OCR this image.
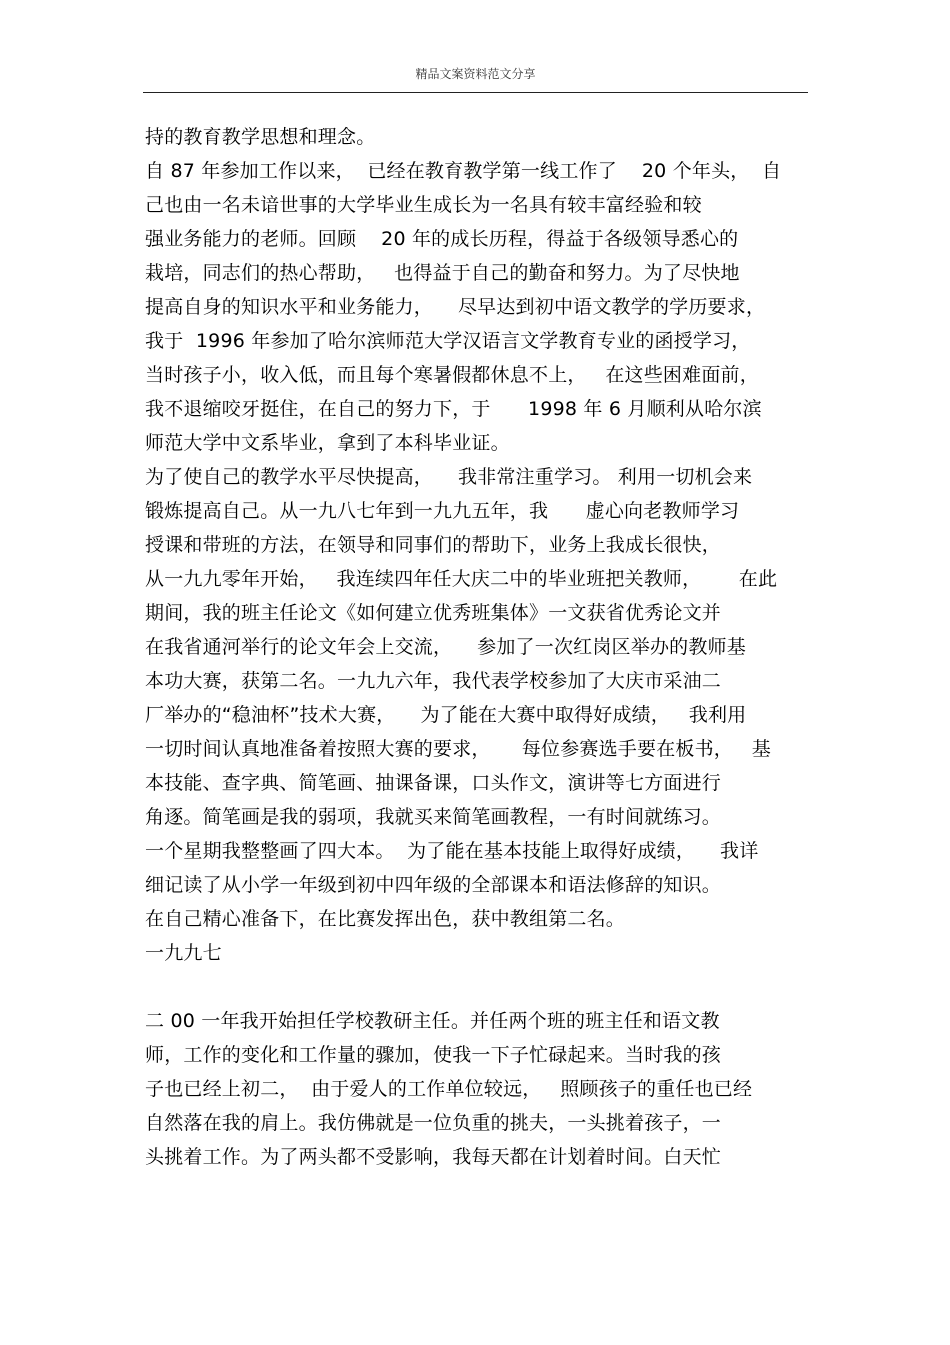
精品文案资料范文分享
持的教育教学思想和理念。
自 87 年参加工作以来，  已经在教育教学第一线工作了    20 个年头，  自
己也由一名未谙世事的大学毕业生成长为一名具有较丰富经验和较
强业务能力的老师。回顾    20 年的成长历程，得益于各级领导悉心的
栽培，同志们的热心帮助，   也得益于自己的勤奋和努力。为了尽快地
提高自身的知识水平和业务能力，    尽早达到初中语文教学的学历要求，
我于  1996 年参加了哈尔滨师范大学汉语言文学教育专业的函授学习，
当时孩子小，收入低，而且每个寒暑假都休息不上，   在这些困难面前，
我不退缩咬牙挺住，在自己的努力下，于      1998 年 6 月顺利从哈尔滨
师范大学中文系毕业，拿到了本科毕业证。
为了使自己的教学水平尽快提高，    我非常注重学习。 利用一切机会来
锻炼提高自己。从一九八七年到一九九五年，我      虚心向老教师学习
授课和带班的方法，在领导和同事们的帮助下，业务上我成长很快，
从一九九零年开始，   我连续四年任大庆二中的毕业班把关教师，      在此
期间，我的班主任论文《如何建立优秀班集体》一文获省优秀论文并
在我省通河举行的论文年会上交流，    参加了一次红岗区举办的教师基
本功大赛，获第二名。一九九六年，我代表学校参加了大庆市采油二
厂举办的“稳油杯”技术大赛，    为了能在大赛中取得好成绩，   我利用
一切时间认真地准备着按照大赛的要求，     每位参赛选手要在板书，   基
本技能、查字典、简笔画、抽课备课，口头作文，演讲等七方面进行
角逐。简笔画是我的弱项，我就买来简笔画教程，一有时间就练习。
一个星期我整整画了四大本。  为了能在基本技能上取得好成绩，    我详
细记读了从小学一年级到初中四年级的全部课本和语法修辞的知识。
在自己精心准备下，在比赛发挥出色，获中教组第二名。
一九九七
二 00 一年我开始担任学校教研主任。并任两个班的班主任和语文教
师，工作的变化和工作量的骤加，使我一下子忙碌起来。当时我的孩
子也已经上初二，  由于爱人的工作单位较远，   照顾孩子的重任也已经
自然落在我的肩上。我仿佛就是一位负重的挑夫，一头挑着孩子，一
头挑着工作。为了两头都不受影响，我每天都在计划着时间。白天忙
